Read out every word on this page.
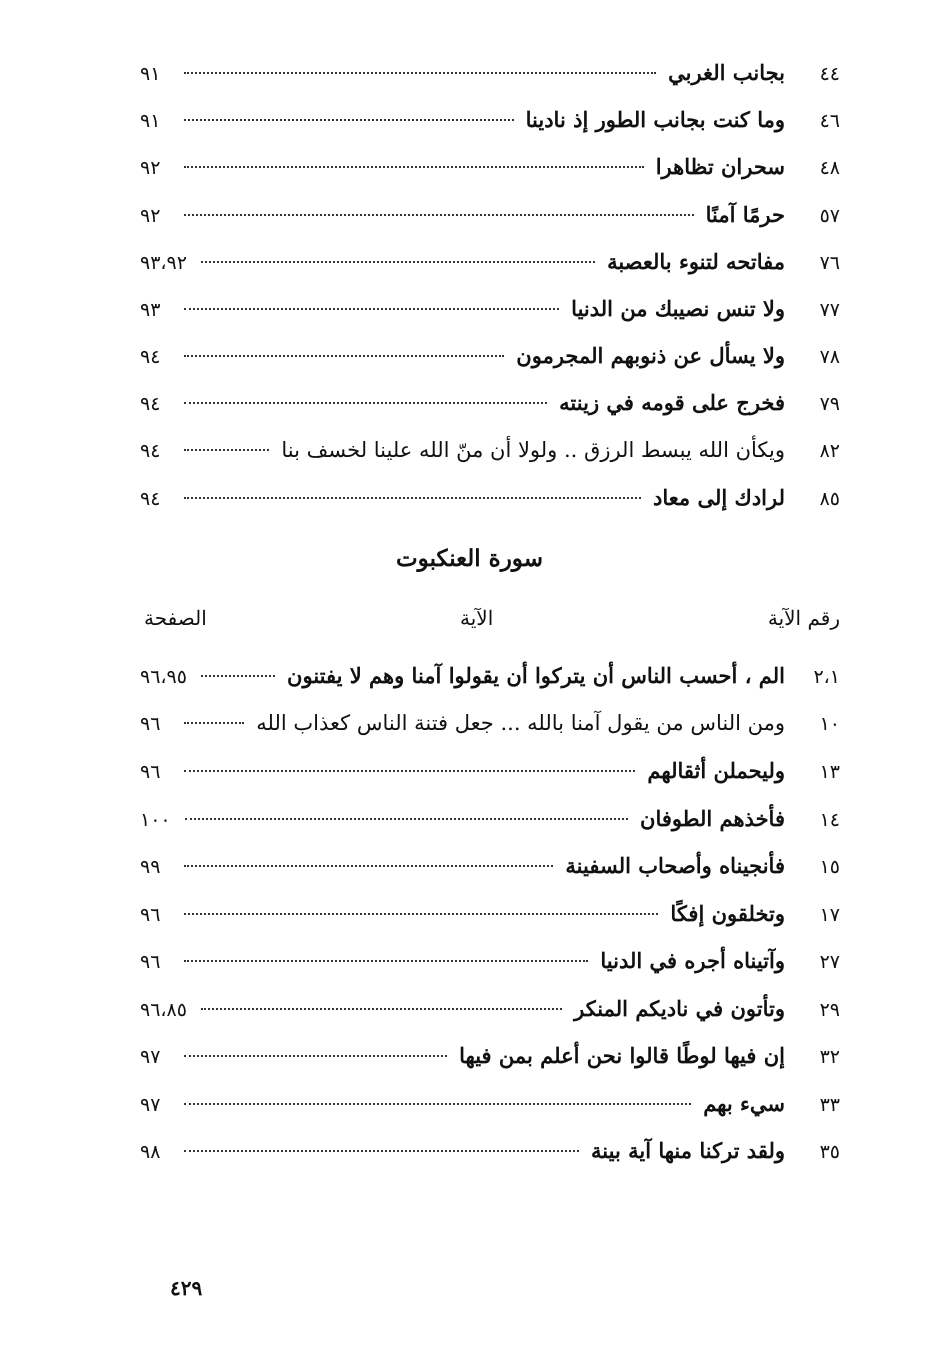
٤٤
بجانب الغربي
٩١
٤٦
وما كنت بجانب الطور إذ نادينا
٩١
٤٨
سحران تظاهرا
٩٢
٥٧
حرمًا آمنًا
٩٢
٧٦
مفاتحه لتنوء بالعصبة
٩٣،٩٢
٧٧
ولا تنس نصيبك من الدنيا
٩٣
٧٨
ولا يسأل عن ذنوبهم المجرمون
٩٤
٧٩
فخرج على قومه في زينته
٩٤
٨٢
ويكأن الله يبسط الرزق .. ولولا أن منّ الله علينا لخسف بنا
٩٤
٨٥
لرادك إلى معاد
٩٤
سورة العنكبوت
رقم الآية
الآية
الصفحة
٢،١
الم ، أحسب الناس أن يتركوا أن يقولوا آمنا وهم لا يفتنون
٩٦،٩٥
١٠
ومن الناس من يقول آمنا بالله ... جعل فتنة الناس كعذاب الله
٩٦
١٣
وليحملن أثقالهم
٩٦
١٤
فأخذهم الطوفان
١٠٠
١٥
فأنجيناه وأصحاب السفينة
٩٩
١٧
وتخلقون إفكًا
٩٦
٢٧
وآتيناه أجره في الدنيا
٩٦
٢٩
وتأتون في ناديكم المنكر
٩٦،٨٥
٣٢
إن فيها لوطًا قالوا نحن أعلم بمن فيها
٩٧
٣٣
سيء بهم
٩٧
٣٥
ولقد تركنا منها آية بينة
٩٨
٤٢٩
